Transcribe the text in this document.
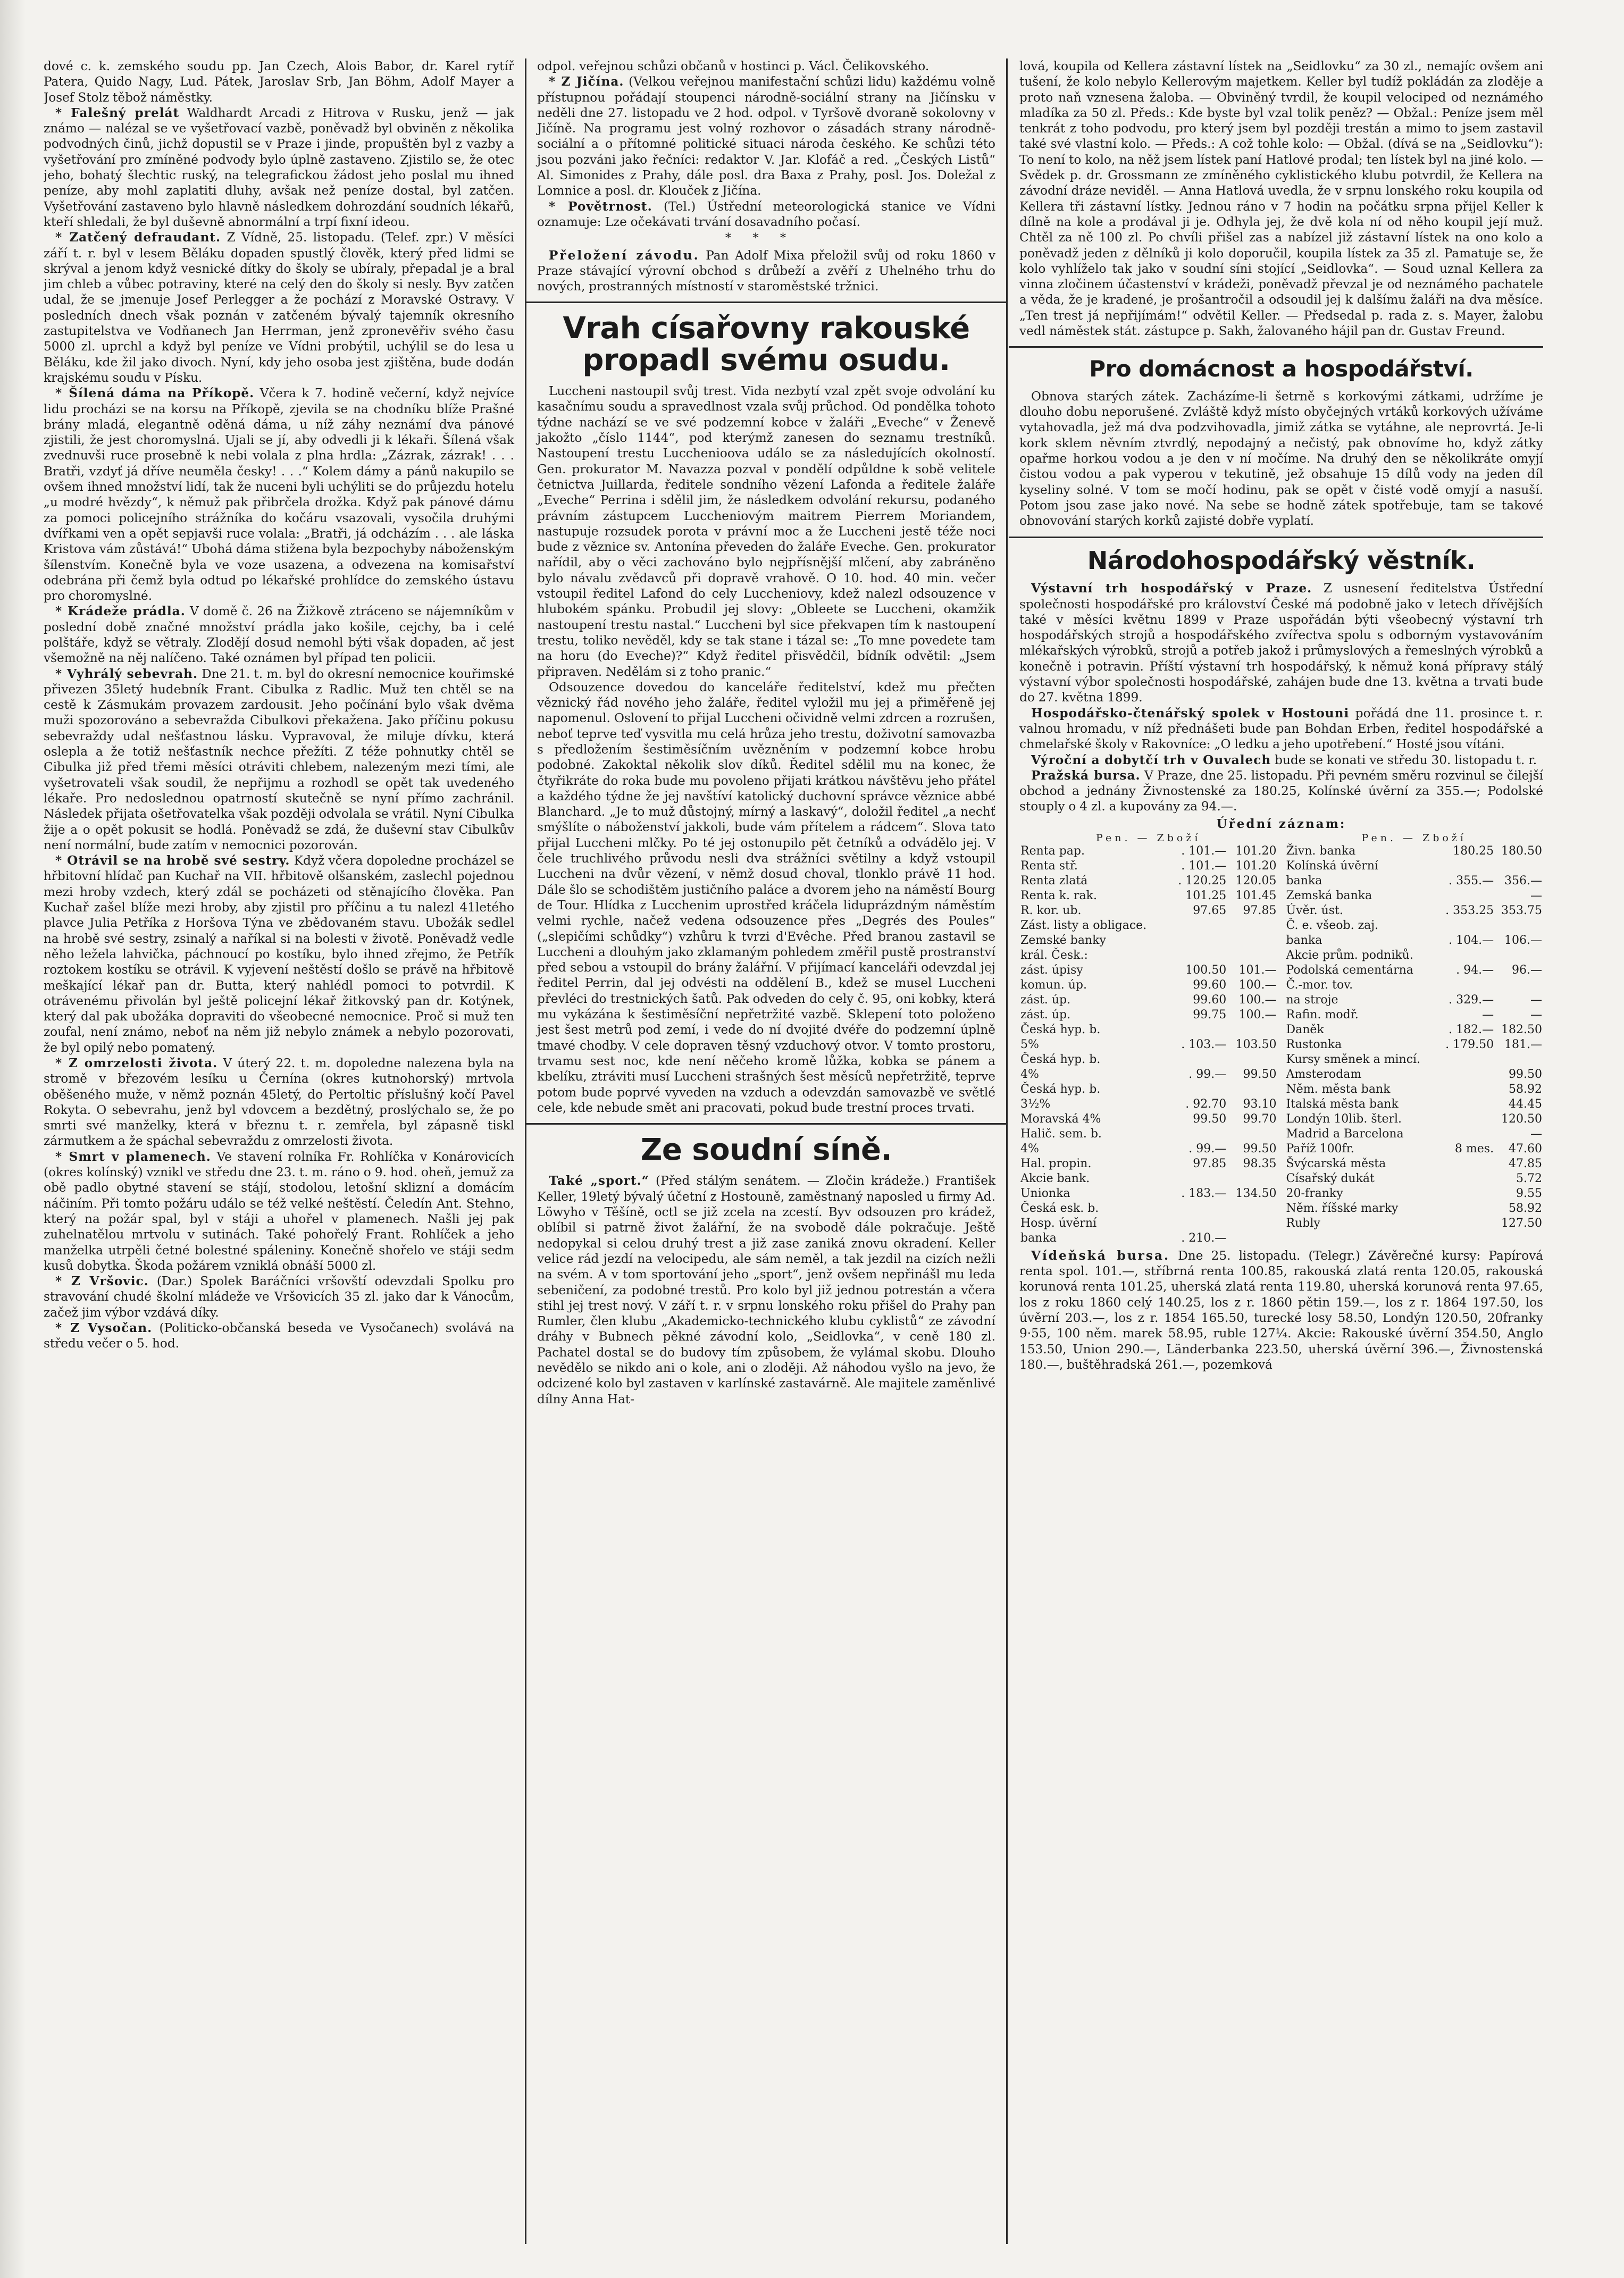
dové c. k. zemského soudu pp. Jan Czech, Alois Babor, dr. Karel rytíř Patera, Quido Nagy, Lud. Pátek, Jaroslav Srb, Jan Böhm, Adolf Mayer a Josef Stolz těbož náměstky.

* Falešný prelát Waldhardt Arcadi z Hitrova v Rusku, jenž — jak známo — nalézal se ve vyšetřovací vazbě, poněvadž byl obviněn z několika podvodných činů, jichž dopustil se v Praze i jinde, propuštěn byl z vazby a vyšetřování pro zmíněné podvody bylo úplně zastaveno. Zjistilo se, že otec jeho, bohatý šlechtic ruský, na telegrafickou žádost jeho poslal mu ihned peníze, aby mohl zaplatiti dluhy, avšak než peníze dostal, byl zatčen. Vyšetřování zastaveno bylo hlavně následkem dohrozdání soudních lékařů, kteří shledali, že byl duševně abnormální a trpí fixní ideou.

* Zatčený defraudant. Z Vídně, 25. listopadu. (Telef. zpr.) V měsíci září t. r. byl v lesem Běláku dopaden spustlý člověk, který před lidmi se skrýval a jenom když vesnické dítky do školy se ubíraly, přepadal je a bral jim chleb a vůbec potraviny, které na celý den do školy si nesly. Byv zatčen udal, že se jmenuje Josef Perlegger a že pochází z Moravské Ostravy. V posledních dnech však poznán v zatčeném bývalý tajemník okresního zastupitelstva ve Vodňanech Jan Herrman, jenž zpronevěřiv svého času 5000 zl. uprchl a když byl peníze ve Vídni probýtil, uchýlil se do lesa u Běláku, kde žil jako divoch. Nyní, kdy jeho osoba jest zjištěna, bude dodán krajskému soudu v Písku.

* Šílená dáma na Příkopě. Včera k 7. hodině večerní, když nejvíce lidu procházi se na korsu na Příkopě, zjevila se na chodníku blíže Prašné brány mladá, elegantně oděná dáma, u níž záhy neznámí dva pánové zjistili, že jest choromyslná. Ujali se jí, aby odvedli ji k lékaři. Šílená však zvednuvši ruce prosebně k nebi volala z plna hrdla: „Zázrak, zázrak! . . . Bratři, vzdyť já dříve neuměla česky! . . .“ Kolem dámy a pánů nakupilo se ovšem ihned množství lidí, tak že nuceni byli uchýliti se do průjezdu hotelu „u modré hvězdy“, k němuž pak přibrčela drožka. Když pak pánové dámu za pomoci policejního strážníka do kočáru vsazovali, vysočila druhými dvířkami ven a opět sepjavši ruce volala: „Bratři, já odcházím . . . ale láska Kristova vám zůstává!“ Ubohá dáma stižena byla bezpochyby náboženským šílenstvím. Konečně byla ve voze usazena, a odvezena na komisařství odebrána při čemž byla odtud po lékařské prohlídce do zemského ústavu pro choromyslné.

* Krádeže prádla. V domě č. 26 na Žižkově ztráceno se nájemníkům v poslední době značné množství prádla jako košile, cejchy, ba i celé polštáře, když se větraly. Zlodějí dosud nemohl býti však dopaden, ač jest všemožně na něj nalíčeno. Také oznámen byl případ ten policii.

* Vyhrálý sebevrah. Dne 21. t. m. byl do okresní nemocnice kouřimské přivezen 35letý hudebník Frant. Cibulka z Radlic. Muž ten chtěl se na cestě k Zásmukám provazem zardousit. Jeho počínání bylo však dvěma muži spozorováno a sebevražda Cibulkovi překažena. Jako příčinu pokusu sebevraždy udal nešťastnou lásku. Vypravoval, že miluje dívku, která oslepla a že totiž nešťastník nechce přežíti. Z téže pohnutky chtěl se Cibulka již před třemi měsíci otráviti chlebem, nalezeným mezi tími, ale vyšetrovateli však soudil, že nepřijmu a rozhodl se opět tak uvedeného lékaře. Pro nedoslednou opatrností skutečně se nyní přímo zachránil. Následek přijata ošetřovatelka však později odvolala se vrátil. Nyní Cibulka žije a o opět pokusit se hodlá. Poněvadž se zdá, že duševní stav Cibulkův není normální, bude zatím v nemocnici pozorován.

* Otrávil se na hrobě své sestry. Když včera dopoledne procházel se hřbitovní hlídač pan Kuchař na VII. hřbitově olšanském, zaslechl pojednou mezi hroby vzdech, který zdál se pocházeti od stěnajícího člověka. Pan Kuchař zašel blíže mezi hroby, aby zjistil pro příčinu a tu nalezl 41letého plavce Julia Petříka z Horšova Týna ve zbědovaném stavu. Ubožák sedlel na hrobě své sestry, zsinalý a naříkal si na bolesti v životě. Poněvadž vedle něho ležela lahvička, páchnoucí po kostíku, bylo ihned zřejmo, že Petřík roztokem kostíku se otrávil. K vyjevení neštěstí došlo se právě na hřbitově meškající lékař pan dr. Butta, který nahlédl pomoci to potvrdil. K otrávenému přivolán byl ještě policejní lékař žitkovský pan dr. Kotýnek, který dal pak ubožáka dopraviti do všeobecné nemocnice. Proč si muž ten zoufal, není známo, neboť na něm již nebylo známek a nebylo pozorovati, že byl opilý nebo pomatený.

* Z omrzelosti života. V úterý 22. t. m. dopoledne nalezena byla na stromě v březovém lesíku u Černína (okres kutnohorský) mrtvola oběšeného muže, v němž poznán 45letý, do Pertoltic příslušný kočí Pavel Rokyta. O sebevrahu, jenž byl vdovcem a bezdětný, proslýchalo se, že po smrti své manželky, která v březnu t. r. zemřela, byl zápasně tiskl zármutkem a že spáchal sebevraždu z omrzelosti života.

* Smrt v plamenech. Ve stavení rolníka Fr. Rohlíčka v Konárovicích (okres kolínský) vznikl ve středu dne 23. t. m. ráno o 9. hod. oheň, jemuž za obě padlo obytné stavení se stájí, stodolou, letošní sklizní a domácím náčiním. Při tomto požáru událo se též velké neštěstí. Čeledín Ant. Stehno, který na požár spal, byl v stáji a uhořel v plamenech. Našli jej pak zuhelnatělou mrtvolu v sutinách. Také pohořelý Frant. Rohlíček a jeho manželka utrpěli četné bolestné spáleniny. Konečně shořelo ve stáji sedm kusů dobytka. Škoda požárem vzniklá obnáší 5000 zl.

* Z Vršovic. (Dar.) Spolek Baráčníci vršovští odevzdali Spolku pro stravování chudé školní mládeže ve Vršovicích 35 zl. jako dar k Vánocům, začež jim výbor vzdává díky.

* Z Vysočan. (Politicko-občanská beseda ve Vysočanech) svolává na středu večer o 5. hod.

odpol. veřejnou schůzi občanů v hostinci p. Václ. Čelikovského.

* Z Jičína. (Velkou veřejnou manifestační schůzi lidu) každému volně přístupnou pořádají stoupenci národně-sociální strany na Jičínsku v neděli dne 27. listopadu ve 2 hod. odpol. v Tyršově dvoraně sokolovny v Jičíně. Na programu jest volný rozhovor o zásadách strany národně-sociální a o přítomné politické situaci národa českého. Ke schůzi této jsou pozváni jako řečníci: redaktor V. Jar. Klofáč a red. „Českých Listů“ Al. Simonides z Prahy, dále posl. dra Baxa z Prahy, posl. Jos. Doležal z Lomnice a posl. dr. Klouček z Jičína.

* Povětrnost. (Tel.) Ústřední meteorologická stanice ve Vídni oznamuje: Lze očekávati trvání dosavadního počasí.

***

Přeložení závodu. Pan Adolf Mixa přeložil svůj od roku 1860 v Praze stávající výrovní obchod s drůbeží a zvěří z Uhelného trhu do nových, prostranných místností v staroměstské tržnici.

Vrah císařovny rakouské propadl svému osudu.

Luccheni nastoupil svůj trest. Vida nezbytí vzal zpět svoje odvolání ku kasačnímu soudu a spravedlnost vzala svůj průchod. Od pondělka tohoto týdne nachází se ve své podzemní kobce v žaláři „Eveche“ v Ženevě jakožto „číslo 1144“, pod kterýmž zanesen do seznamu trestníků. Nastoupení trestu Lucchenioova událo se za následujících okolností. Gen. prokurator M. Navazza pozval v pondělí odpůldne k sobě velitele četnictva Juillarda, ředitele sondního vězení Lafonda a ředitele žaláře „Eveche“ Perrina i sdělil jim, že následkem odvolání rekursu, podaného právním zástupcem Luccheniovým maitrem Pierrem Moriandem, nastupuje rozsudek porota v právní moc a že Luccheni jestě téže noci bude z věznice sv. Antonína převeden do žaláře Eveche. Gen. prokurator nařídil, aby o věci zachováno bylo nejpřísnější mlčení, aby zabráněno bylo návalu zvědavců při dopravě vrahově. O 10. hod. 40 min. večer vstoupil ředitel Lafond do cely Luccheniovy, kdež nalezl odsouzence v hlubokém spánku. Probudil jej slovy: „Obleete se Luccheni, okamžik nastoupení trestu nastal.“ Luccheni byl sice překvapen tím k nastoupení trestu, toliko nevěděl, kdy se tak stane i tázal se: „To mne povedete tam na horu (do Eveche)?“ Když ředitel přisvědčil, bídník odvětil: „Jsem připraven. Nedělám si z toho pranic.“

Odsouzence dovedou do kanceláře ředitelství, kdež mu přečten věznický řád nového jeho žaláře, ředitel vyložil mu jej a přiměřeně jej napomenul. Oslovení to přijal Luccheni očividně velmi zdrcen a rozrušen, neboť teprve teď vysvitla mu celá hrůza jeho trestu, doživotní samovazba s předložením šestiměsíčním uvězněním v podzemní kobce hrobu podobné. Zakoktal několik slov díků. Ředitel sdělil mu na konec, že čtyřikráte do roka bude mu povoleno přijati krátkou návštěvu jeho přátel a každého týdne že jej navštíví katolický duchovní správce věznice abbé Blanchard. „Je to muž důstojný, mírný a laskavý“, doložil ředitel „a nechť smýšlíte o náboženství jakkoli, bude vám přítelem a rádcem“. Slova tato přijal Luccheni mlčky. Po té jej ostonupilo pět četníků a odvádělo jej. V čele truchlivého průvodu nesli dva strážníci světilny a když vstoupil Luccheni na dvůr vězení, v němž dosud choval, tlonklo právě 11 hod. Dále šlo se schodištěm justičního paláce a dvorem jeho na náměstí Bourg de Tour. Hlídka z Lucchenim uprostřed kráčela liduprázdným náměstím velmi rychle, načež vedena odsouzence přes „Degrés des Poules“ („slepičími schůdky“) vzhůru k tvrzi d'Evêche. Před branou zastavil se Luccheni a dlouhým jako zklamaným pohledem změřil pustě prostranství před sebou a vstoupil do brány žalářní. V přijímací kanceláři odevzdal jej ředitel Perrin, dal jej odvésti na oddělení B., kdež se musel Luccheni převléci do trestnických šatů. Pak odveden do cely č. 95, oni kobky, která mu vykázána k šestiměsíční nepřetržité vazbě. Sklepení toto položeno jest šest metrů pod zemí, i vede do ní dvojité dvéře do podzemní úplně tmavé chodby. V cele dopraven těsný vzduchový otvor. V tomto prostoru, trvamu sest noc, kde není něčeho kromě lůžka, kobka se pánem a kbelíku, ztráviti musí Luccheni strašných šest měsíců nepřetržitě, teprve potom bude poprvé vyveden na vzduch a odevzdán samovazbě ve světlé cele, kde nebude smět ani pracovati, pokud bude trestní proces trvati.

Ze soudní síně.

Také „sport.“ (Před stálým senátem. — Zločin krádeže.) František Keller, 19letý bývalý účetní z Hostouně, zaměstnaný naposled u firmy Ad. Löwyho v Těšíně, octl se již zcela na zcestí. Byv odsouzen pro krádež, oblíbil si patrně život žalářní, že na svobodě dále pokračuje. Ještě nedopykal si celou druhý trest a již zase zaniká znovu okradení. Keller velice rád jezdí na velocipedu, ale sám neměl, a tak jezdil na cizích nežli na svém. A v tom sportování jeho „sport“, jenž ovšem nepřinášl mu leda sebeničení, za podobné trestů. Pro kolo byl již jednou potrestán a včera stihl jej trest nový. V září t. r. v srpnu lonského roku přišel do Prahy pan Rumler, člen klubu „Akademicko-technického klubu cyklistů“ ze závodní dráhy v Bubnech pěkné závodní kolo, „Seidlovka“, v ceně 180 zl. Pachatel dostal se do budovy tím způsobem, že vylámal skobu. Dlouho nevědělo se nikdo ani o kole, ani o zloději. Až náhodou vyšlo na jevo, že odcizené kolo byl zastaven v karlínské zastavárně. Ale majitele zaměnlivé dílny Anna Hat-

lová, koupila od Kellera zástavní lístek na „Seidlovku“ za 30 zl., nemajíc ovšem ani tušení, že kolo nebylo Kellerovým majetkem. Keller byl tudíž pokládán za zloděje a proto naň vznesena žaloba. — Obviněný tvrdil, že koupil velociped od neznámého mladíka za 50 zl. Předs.: Kde byste byl vzal tolik peněz? — Obžal.: Peníze jsem měl tenkrát z toho podvodu, pro který jsem byl později trestán a mimo to jsem zastavil také své vlastní kolo. — Předs.: A což tohle kolo: — Obžal. (dívá se na „Seidlovku“): To není to kolo, na něž jsem lístek paní Hatlové prodal; ten lístek byl na jiné kolo. — Svědek p. dr. Grossmann ze zmíněného cyklistického klubu potvrdil, že Kellera na závodní dráze neviděl. — Anna Hatlová uvedla, že v srpnu lonského roku koupila od Kellera tři zástavní lístky. Jednou ráno v 7 hodin na počátku srpna přijel Keller k dílně na kole a prodával ji je. Odhyla jej, že dvě kola ní od něho koupil její muž. Chtěl za ně 100 zl. Po chvíli přišel zas a nabízel již zástavní lístek na ono kolo a poněvadž jeden z dělníků ji kolo doporučil, koupila lístek za 35 zl. Pamatuje se, že kolo vyhlíželo tak jako v soudní síni stojící „Seidlovka“. — Soud uznal Kellera za vinna zločinem účastenství v krádeži, poněvadž převzal je od neznámého pachatele a věda, že je kradené, je prošantročil a odsoudil jej k dalšímu žaláři na dva měsíce. „Ten trest já nepřijímám!“ odvětil Keller. — Předsedal p. rada z. s. Mayer, žalobu vedl náměstek stát. zástupce p. Sakh, žalovaného hájil pan dr. Gustav Freund.

Pro domácnost a hospodářství.

Obnova starých zátek. Zacházíme-li šetrně s korkovými zátkami, udržíme je dlouho dobu neporušené. Zvláště když místo obyčejných vrtáků korkových užíváme vytahovadla, jež má dva podzvihovadla, jimiž zátka se vytáhne, ale neprovrtá. Je-li kork sklem něvním ztvrdlý, nepodajný a nečistý, pak obnovíme ho, když zátky opařme horkou vodou a je den v ní močíme. Na druhý den se několikráte omyjí čistou vodou a pak vyperou v tekutině, jež obsahuje 15 dílů vody na jeden díl kyseliny solné. V tom se močí hodinu, pak se opět v čisté vodě omyjí a nasuší. Potom jsou zase jako nové. Na sebe se hodně zátek spotřebuje, tam se takové obnovování starých korků zajisté dobře vyplatí.

Národohospodářský věstník.

Výstavní trh hospodářský v Praze. Z usnesení ředitelstva Ústřední společnosti hospodářské pro království České má podobně jako v letech dřívějších také v měsíci květnu 1899 v Praze uspořádán býti všeobecný výstavní trh hospodářských strojů a hospodářského zvířectva spolu s odborným vystavováním mlékařských výrobků, strojů a potřeb jakož i průmyslových a řemeslných výrobků a konečně i potravin. Příští výstavní trh hospodářský, k němuž koná přípravy stálý výstavní výbor společnosti hospodářské, zahájen bude dne 13. května a trvati bude do 27. května 1899.

Hospodářsko-čtenářský spolek v Hostouni pořádá dne 11. prosince t. r. valnou hromadu, v níž přednášeti bude pan Bohdan Erben, ředitel hospodářské a chmelařské školy v Rakovníce: „O ledku a jeho upotřebení.“ Hosté jsou vítáni.

Výroční a dobytčí trh v Ouvalech bude se konati ve středu 30. listopadu t. r.

Pražská bursa. V Praze, dne 25. listopadu. Při pevném směru rozvinul se čilejší obchod a jednány Živnostenské za 180.25, Kolínské úvěrní za 355.—; Podolské stouply o 4 zl. a kupovány za 94.—.

Úřední záznam:
Pen. — Zboží
Renta pap.	. 101.—	101.20
Renta stř.	. 101.—	101.20
Renta zlatá	. 120.25	120.05
Renta k. rak.	101.25	101.45
R. kor. ub.	97.65	97.85
Zást. listy a obligace.		
Zemské banky		
král. Česk.:		
zást. úpisy	100.50	101.—
komun. úp.	99.60	100.—
zást. úp.	99.60	100.—
zást. úp.	99.75	100.—
Česká hyp. b.		
5%	. 103.—	103.50
Česká hyp. b.		
4%	. 99.—	99.50
Česká hyp. b.		
3½%	. 92.70	93.10
Moravská 4%	99.50	99.70
Halič. sem. b.		
4%	. 99.—	99.50
Hal. propin.	97.85	98.35
Akcie bank.		
Unionka	. 183.—	134.50
Česká esk. b.		
Hosp. úvěrní		
banka	. 210.—	
Pen. — Zboží
Živn. banka	180.25	180.50
Kolínská úvěrní		
banka	. 355.—	356.—
Zemská banka		—
Úvěr. úst.	. 353.25	353.75
Č. e. všeob. zaj.		
banka	. 104.—	106.—
Akcie prům. podniků.		
Podolská cementárna	. 94.—	96.—
Č.-mor. tov.		
na stroje	. 329.—	—
Rafin. modř.	—	—
Daněk	. 182.—	182.50
Rustonka	. 179.50	181.—
Kursy směnek a mincí.		
Amsterodam		99.50
Něm. města bank		58.92
Italská města bank		44.45
Londýn 10lib. šterl.		120.50
Madrid a Barcelona		—
Paříž 100fr.	8 mes.	47.60
Švýcarská města		47.85
Císařský dukát		5.72
20-franky		9.55
Něm. říšské marky		58.92
Rubly		127.50

Vídeňská bursa. Dne 25. listopadu. (Telegr.) Závěrečné kursy: Papírová renta spol. 101.—, stříbrná renta 100.85, rakouská zlatá renta 120.05, rakouská korunová renta 101.25, uherská zlatá renta 119.80, uherská korunová renta 97.65, los z roku 1860 celý 140.25, los z r. 1860 pětin 159.—, los z r. 1864 197.50, los úvěrní 203.—, los z r. 1854 165.50, turecké losy 58.50, Londýn 120.50, 20franky 9·55, 100 něm. marek 58.95, ruble 127¼. Akcie: Rakouské úvěrní 354.50, Anglo 153.50, Union 290.—, Länderbanka 223.50, uherská úvěrní 396.—, Živnostenská 180.—, buštěhradská 261.—, pozemková
